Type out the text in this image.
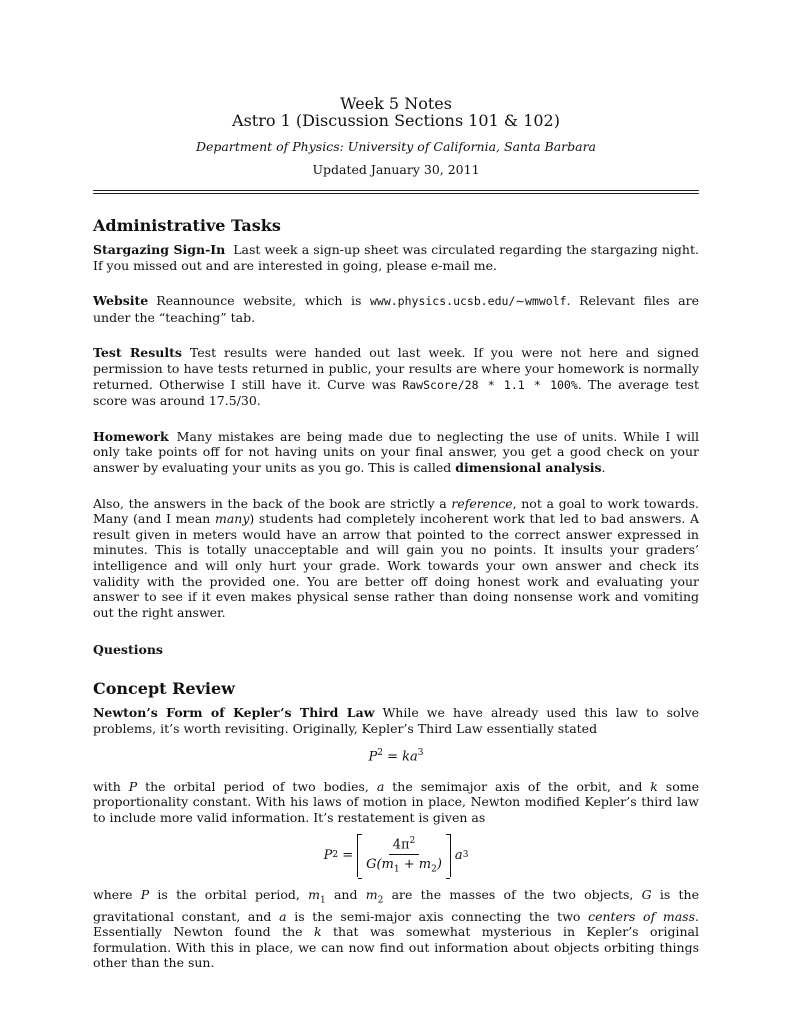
Week 5 Notes
Astro 1 (Discussion Sections 101 & 102)
Department of Physics: University of California, Santa Barbara
Updated January 30, 2011
Administrative Tasks

Stargazing Sign-In Last week a sign-up sheet was circulated regarding the stargazing night. If you missed out and are interested in going, please e-mail me.

Website Reannounce website, which is www.physics.ucsb.edu/∼wmwolf. Relevant files are under the “teaching” tab.

Test Results Test results were handed out last week. If you were not here and signed permission to have tests returned in public, your results are where your homework is normally returned. Otherwise I still have it. Curve was RawScore/28 * 1.1 * 100%. The average test score was around 17.5/30.

Homework Many mistakes are being made due to neglecting the use of units. While I will only take points off for not having units on your final answer, you get a good check on your answer by evaluating your units as you go. This is called dimensional analysis.

Also, the answers in the back of the book are strictly a reference, not a goal to work towards. Many (and I mean many) students had completely incoherent work that led to bad answers. A result given in meters would have an arrow that pointed to the correct answer expressed in minutes. This is totally unacceptable and will gain you no points. It insults your graders’ intelligence and will only hurt your grade. Work towards your own answer and check its validity with the provided one. You are better off doing honest work and evaluating your answer to see if it even makes physical sense rather than doing nonsense work and vomiting out the right answer.

Questions
Concept Review

Newton’s Form of Kepler’s Third Law While we have already used this law to solve problems, it’s worth revisiting. Originally, Kepler’s Third Law essentially stated

$P^2 = ka^3$

with P the orbital period of two bodies, a the semimajor axis of the orbit, and k some proportionality constant. With his laws of motion in place, Newton modified Kepler’s third law to include more valid information. It’s restatement is given as

P 2
= $\frac{4\pi^2}{G(m_1 + m_2)}$ a 3

where P is the orbital period, $m_1$ and $m_2$ are the masses of the two objects, G is the gravitational constant, and a is the semi-major axis connecting the two centers of mass. Essentially Newton found the k that was somewhat mysterious in Kepler’s original formulation. With this in place, we can now find out information about objects orbiting things other than the sun.
